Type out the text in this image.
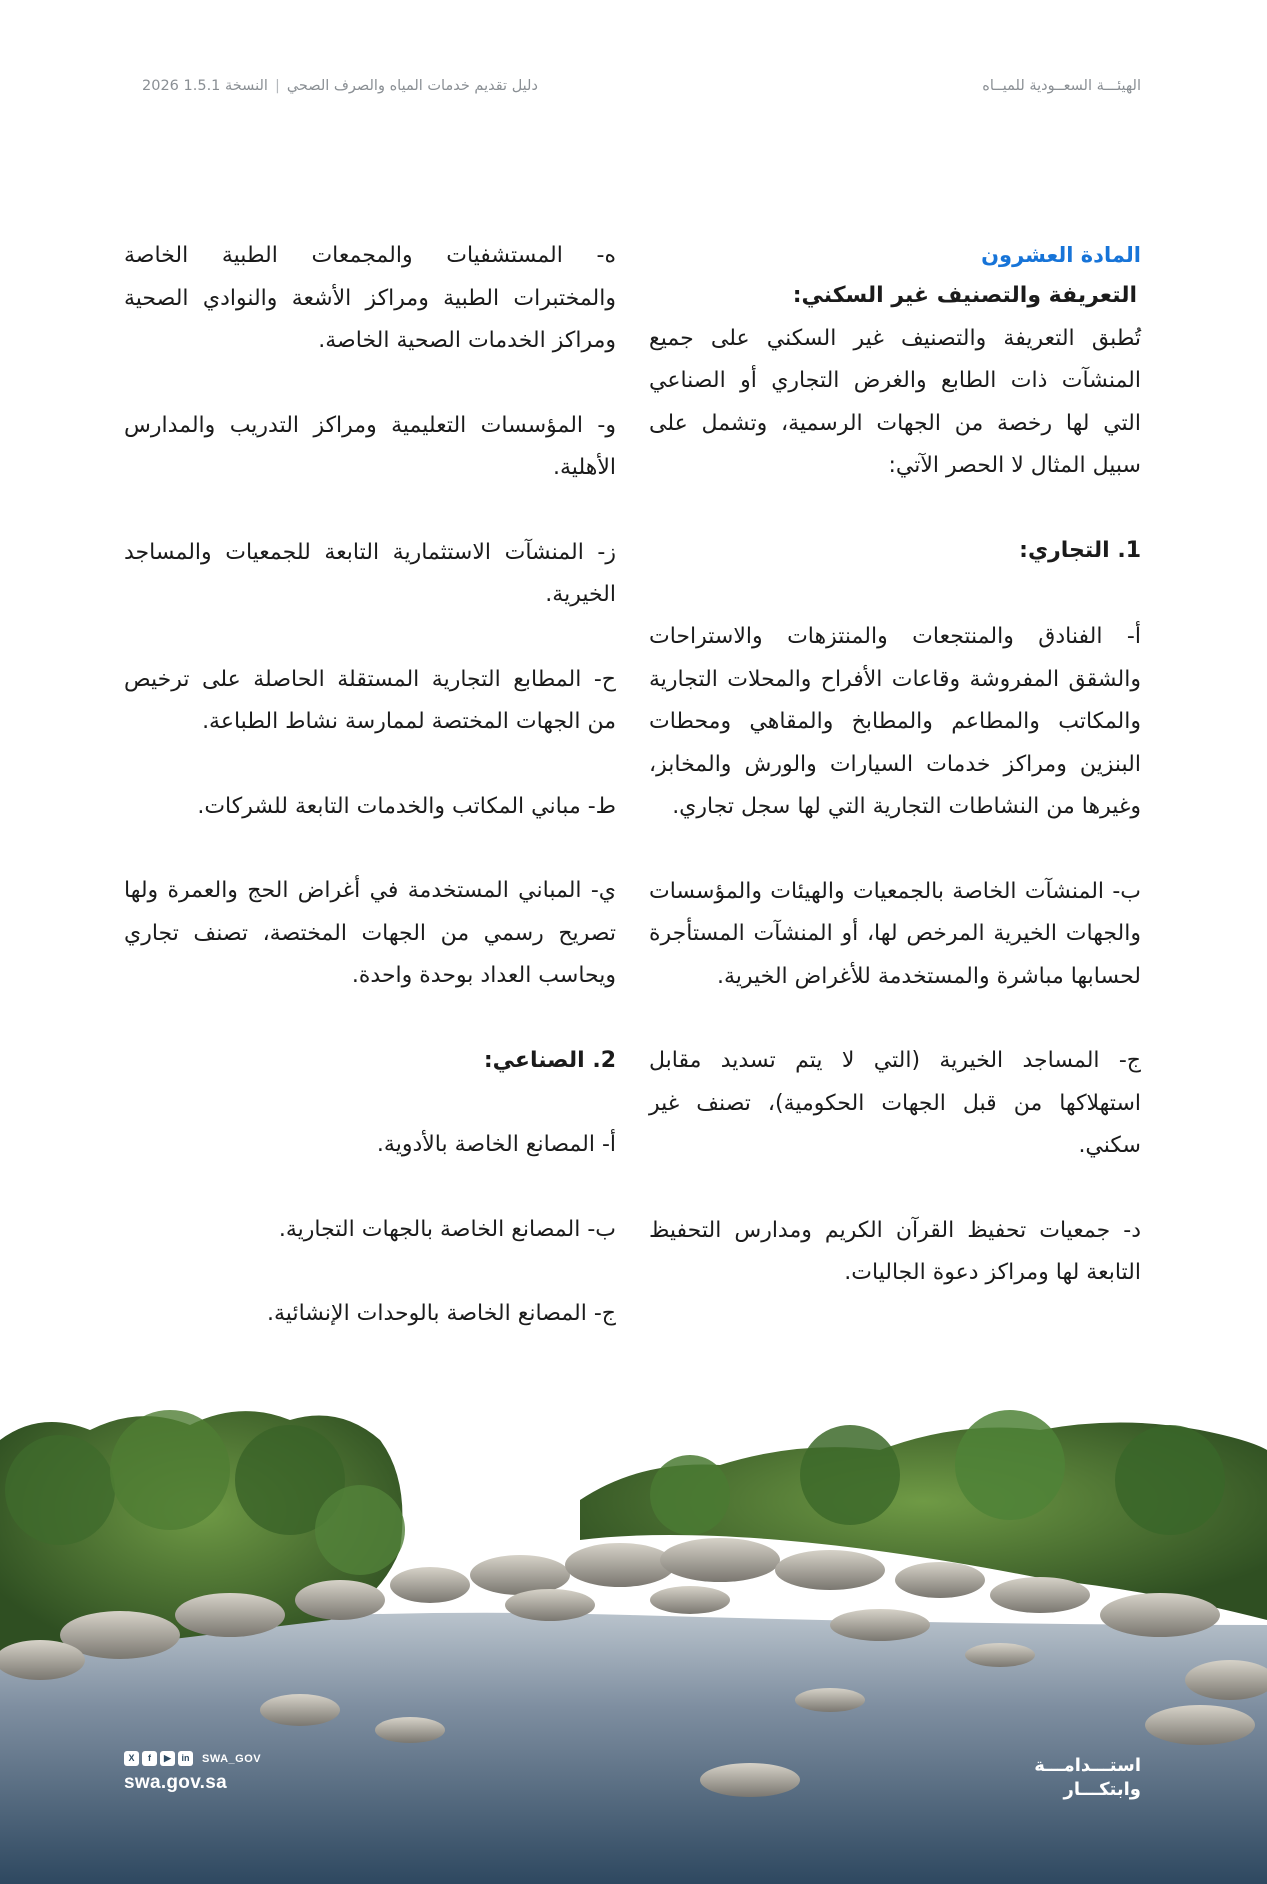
الهيئـــة السعــودية للميــاه
دليل تقديم خدمات المياه والصرف الصحي|النسخة 1.5.1 2026

المادة العشرون

التعريفة والتصنيف غير السكني:

تُطبق التعريفة والتصنيف غير السكني على جميع المنشآت ذات الطابع والغرض التجاري أو الصناعي التي لها رخصة من الجهات الرسمية، وتشمل على سبيل المثال لا الحصر الآتي:

1. التجاري:

أ- الفنادق والمنتجعات والمنتزهات والاستراحات والشقق المفروشة وقاعات الأفراح والمحلات التجارية والمكاتب والمطاعم والمطابخ والمقاهي ومحطات البنزين ومراكز خدمات السيارات والورش والمخابز، وغيرها من النشاطات التجارية التي لها سجل تجاري.

ب- المنشآت الخاصة بالجمعيات والهيئات والمؤسسات والجهات الخيرية المرخص لها، أو المنشآت المستأجرة لحسابها مباشرة والمستخدمة للأغراض الخيرية.

ج- المساجد الخيرية (التي لا يتم تسديد مقابل استهلاكها من قبل الجهات الحكومية)، تصنف غير سكني.

د- جمعيات تحفيظ القرآن الكريم ومدارس التحفيظ التابعة لها ومراكز دعوة الجاليات.

ه- المستشفيات والمجمعات الطبية الخاصة والمختبرات الطبية ومراكز الأشعة والنوادي الصحية ومراكز الخدمات الصحية الخاصة.

و- المؤسسات التعليمية ومراكز التدريب والمدارس الأهلية.

ز- المنشآت الاستثمارية التابعة للجمعيات والمساجد الخيرية.

ح- المطابع التجارية المستقلة الحاصلة على ترخيص من الجهات المختصة لممارسة نشاط الطباعة.

ط- مباني المكاتب والخدمات التابعة للشركات.

ي- المباني المستخدمة في أغراض الحج والعمرة ولها تصريح رسمي من الجهات المختصة، تصنف تجاري ويحاسب العداد بوحدة واحدة.

2. الصناعي:

أ- المصانع الخاصة بالأدوية.

ب- المصانع الخاصة بالجهات التجارية.

ج- المصانع الخاصة بالوحدات الإنشائية.

X	f	▶	in	SWA_GOV
swa.gov.sa
استـــدامـــة
وابتكـــار
